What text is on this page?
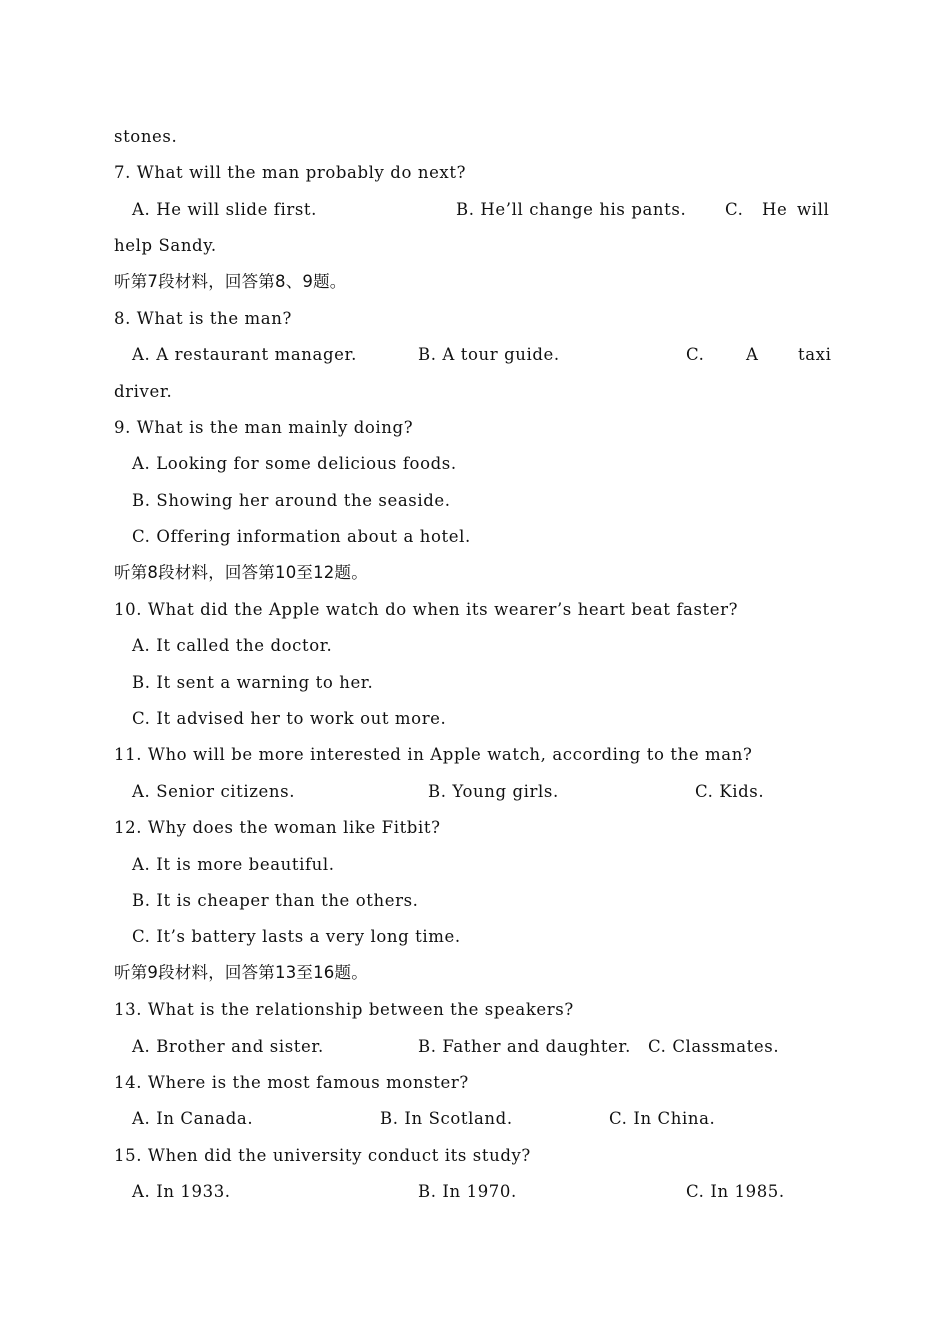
stones.
7. What will the man probably do next?
A. He will slide first.	B. He’ll change his pants. C. He will
help Sandy.
听第7段材料，回答第8、9题。
8. What is the man?
A. A restaurant manager.	B. A tour guide.	C.	A taxi
driver.
9. What is the man mainly doing?
A. Looking for some delicious foods.
B. Showing her around the seaside.
C. Offering information about a hotel.
听第8段材料，回答第10至12题。
10. What did the Apple watch do when its wearer’s heart beat faster?
A. It called the doctor.
B. It sent a warning to her.
C. It advised her to work out more.
11. Who will be more interested in Apple watch, according to the man?
A. Senior citizens.	B. Young girls.	C. Kids.
12. Why does the woman like Fitbit?
A. It is more beautiful.
B. It is cheaper than the others.
C. It’s battery lasts a very long time.
听第9段材料，回答第13至16题。
13. What is the relationship between the speakers?
A. Brother and sister.	B. Father and daughter. C. Classmates.
14. Where is the most famous monster?
A. In Canada.	B. In Scotland.	C. In China.
15. When did the university conduct its study?
A. In 1933.	B. In 1970.	C. In 1985.
